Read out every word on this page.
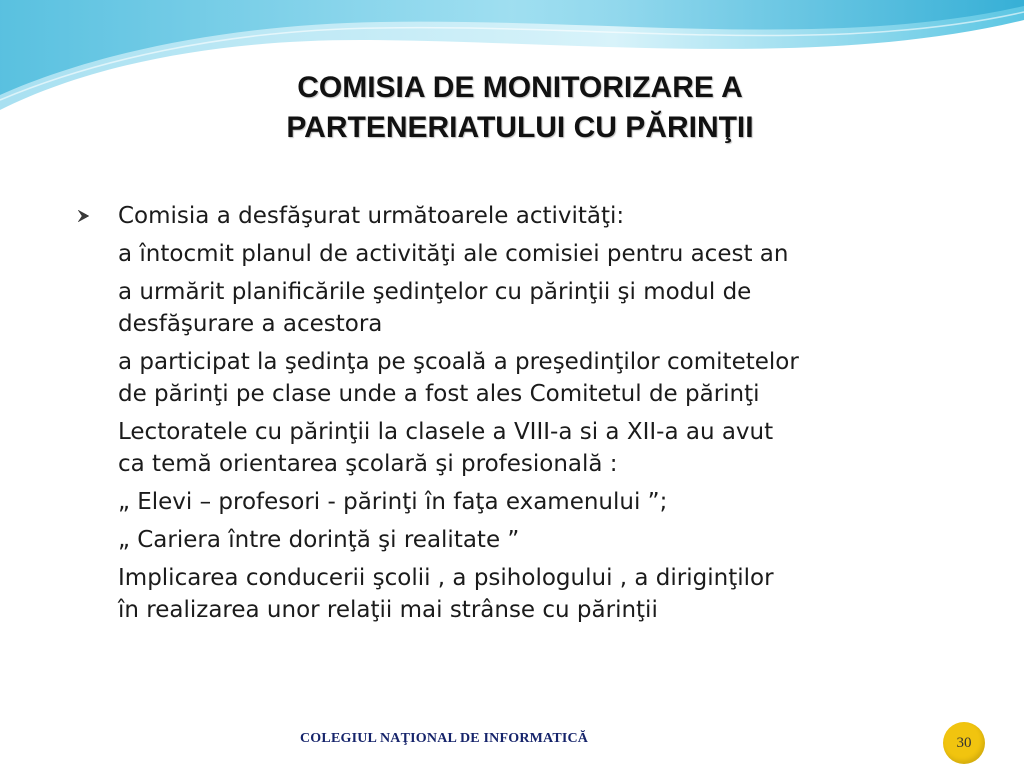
COMISIA DE MONITORIZARE A
PARTENERIATULUI CU PĂRINŢII
Comisia a desfăşurat următoarele activităţi:
a întocmit planul de activităţi ale comisiei pentru acest an
a urmărit planificările şedinţelor cu părinţii şi modul de
desfăşurare a acestora
a participat la şedinţa pe şcoală a preşedinţilor comitetelor
de părinţi pe clase unde a fost ales Comitetul de părinţi
Lectoratele cu părinţii la clasele a VIII-a si a XII-a au avut
ca temă orientarea şcolară şi profesională :
„ Elevi – profesori - părinţi în faţa examenului ”;
„ Cariera între dorinţă şi realitate ”
Implicarea conducerii şcolii , a psihologului , a diriginţilor
în realizarea unor relaţii mai strânse cu părinţii
COLEGIUL NAŢIONAL DE INFORMATICĂ	30
